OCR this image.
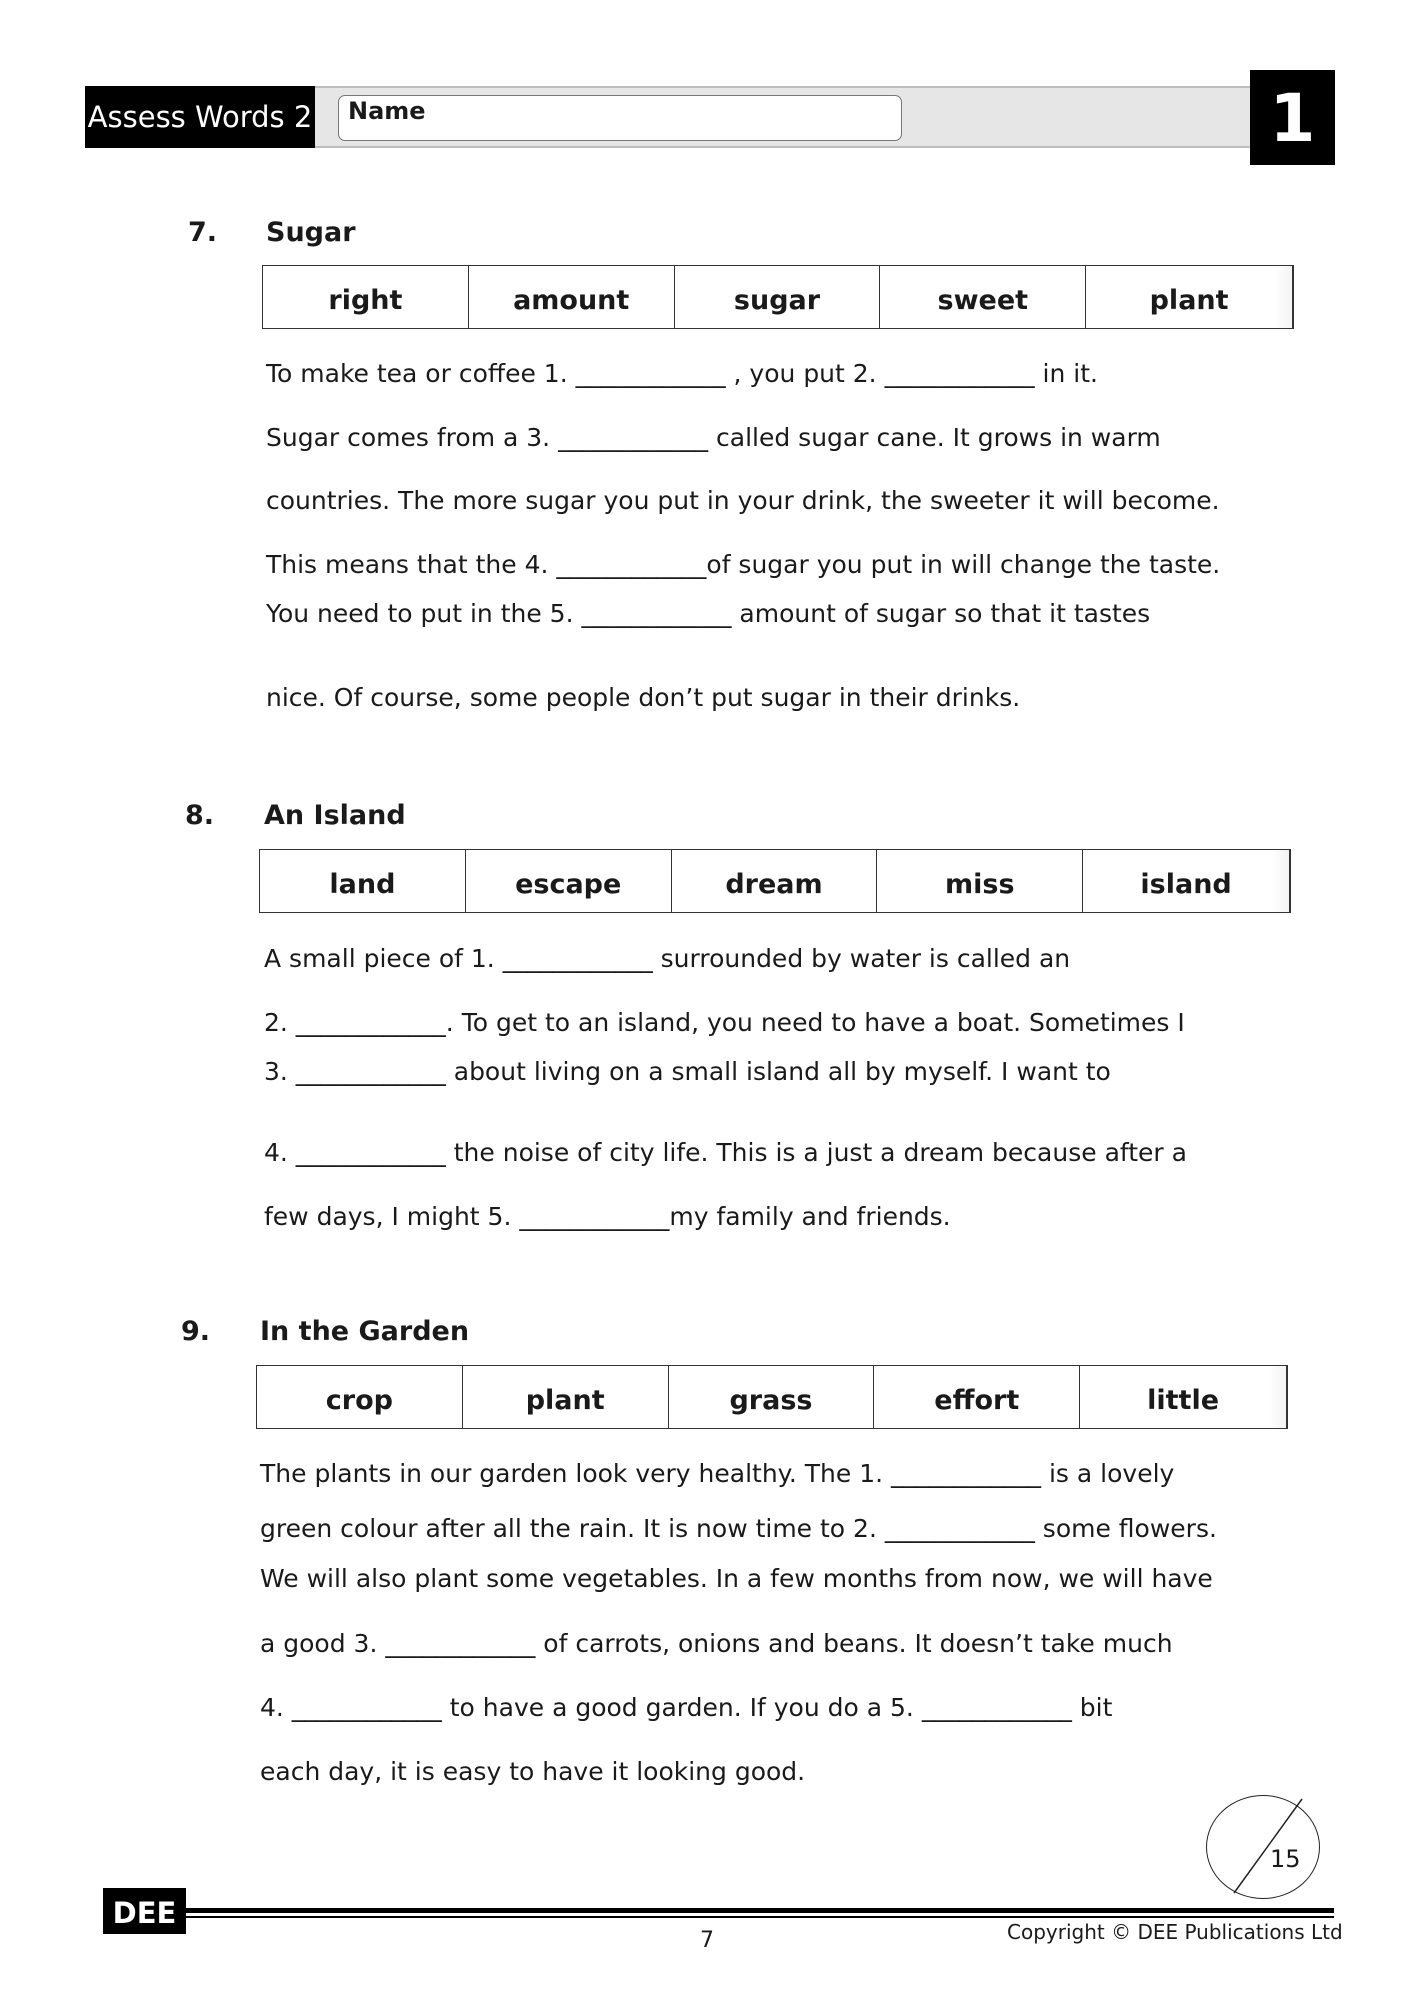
Assess Words 2 Name	1
7. Sugar
right	amount	sugar	sweet	plant
To make tea or coffee 1. ____________ , you put 2. ____________ in it.
Sugar comes from a 3. ____________ called sugar cane. It grows in warm
countries. The more sugar you put in your drink, the sweeter it will become.
This means that the 4. ____________of sugar you put in will change the taste.
You need to put in the 5. ____________ amount of sugar so that it tastes
nice. Of course, some people don’t put sugar in their drinks.
8. An Island
land	escape	dream	miss	island
A small piece of 1. ____________ surrounded by water is called an
2. ____________. To get to an island, you need to have a boat. Sometimes I
3. ____________ about living on a small island all by myself. I want to
4. ____________ the noise of city life. This is a just a dream because after a
few days, I might 5. ____________my family and friends.
9. In the Garden
crop	plant	grass	effort	little
The plants in our garden look very healthy. The 1. ____________ is a lovely
green colour after all the rain. It is now time to 2. ____________ some flowers.
We will also plant some vegetables. In a few months from now, we will have
a good 3. ____________ of carrots, onions and beans. It doesn’t take much
4. ____________ to have a good garden. If you do a 5. ____________ bit
each day, it is easy to have it looking good.
15
DEE
7	Copyright © DEE Publications Ltd
